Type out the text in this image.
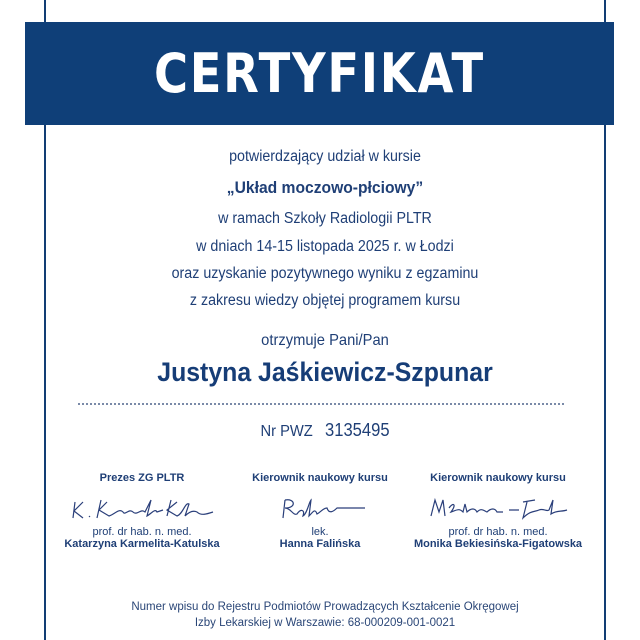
CERTYFIKAT
potwierdzający udział w kursie
„Układ moczowo-płciowy”
w ramach Szkoły Radiologii PLTR
w dniach 14-15 listopada 2025 r. w Łodzi
oraz uzyskanie pozytywnego wyniku z egzaminu
z zakresu wiedzy objętej programem kursu
otrzymuje Pani/Pan
Justyna Jaśkiewicz-Szpunar
Nr PWZ 3135495
Prezes ZG PLTR
prof. dr hab. n. med.
Katarzyna Karmelita-Katulska
Kierownik naukowy kursu
lek.
Hanna Falińska
Kierownik naukowy kursu
prof. dr hab. n. med.
Monika Bekiesińska-Figatowska
Numer wpisu do Rejestru Podmiotów Prowadzących Kształcenie Okręgowej
Izby Lekarskiej w Warszawie: 68-000209-001-0021
